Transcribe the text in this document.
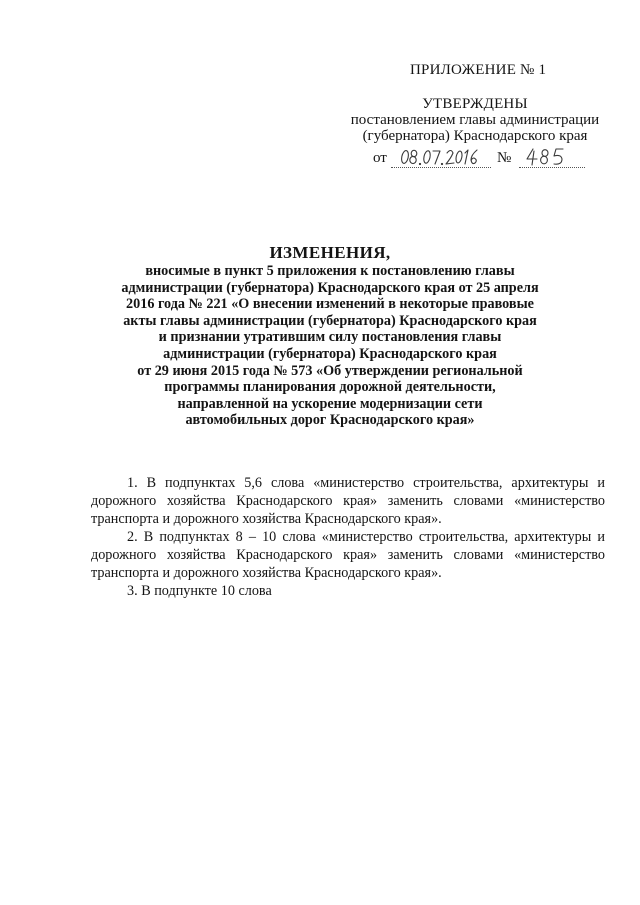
ПРИЛОЖЕНИЕ № 1
УТВЕРЖДЕНЫ
постановлением главы администрации
(губернатора) Краснодарского края
от	№
ИЗМЕНЕНИЯ,
вносимые в пункт 5 приложения к постановлению главы
администрации (губернатора) Краснодарского края от 25 апреля
2016 года № 221 «О внесении изменений в некоторые правовые
акты главы администрации (губернатора) Краснодарского края
и признании утратившим силу постановления главы
администрации (губернатора) Краснодарского края
от 29 июня 2015 года № 573 «Об утверждении региональной
программы планирования дорожной деятельности,
направленной на ускорение модернизации сети
автомобильных дорог Краснодарского края»
1. В подпунктах 5,6 слова «министерство строительства, архитектуры и дорожного хозяйства Краснодарского края» заменить словами «министерство транспорта и дорожного хозяйства Краснодарского края».
2. В подпунктах 8 – 10 слова «министерство строительства, архитектуры и дорожного хозяйства Краснодарского края» заменить словами «министерство транспорта и дорожного хозяйства Краснодарского края».
3. В подпункте 10 слова
